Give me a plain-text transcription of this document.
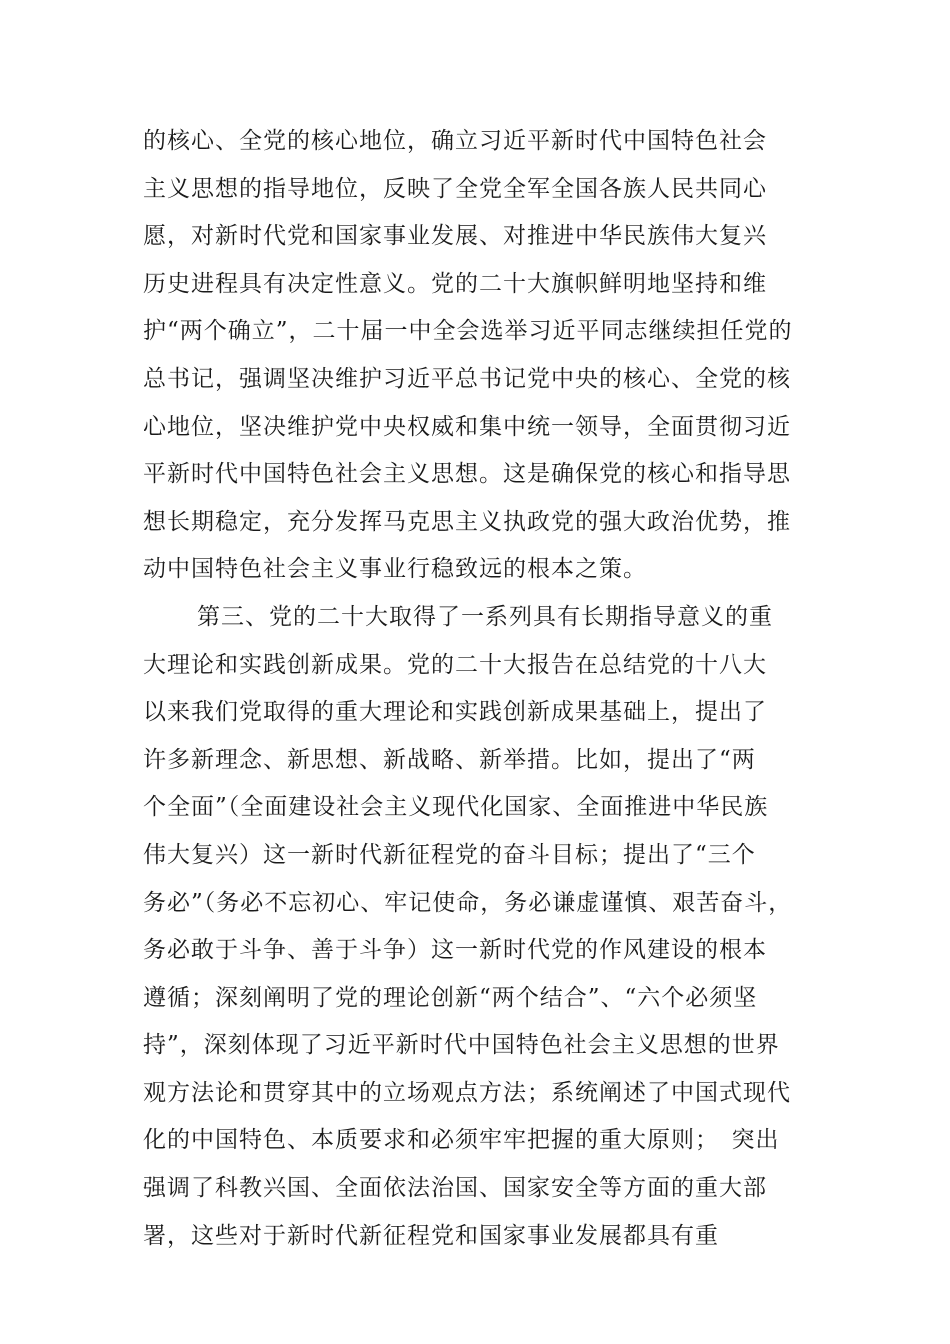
的核心、全党的核心地位，确立习近平新时代中国特色社会
主义思想的指导地位，反映了全党全军全国各族人民共同心
愿，对新时代党和国家事业发展、对推进中华民族伟大复兴
历史进程具有决定性意义。党的二十大旗帜鲜明地坚持和维
护“两个确立”，二十届一中全会选举习近平同志继续担任党的
总书记，强调坚决维护习近平总书记党中央的核心、全党的核
心地位，坚决维护党中央权威和集中统一领导，全面贯彻习近
平新时代中国特色社会主义思想。这是确保党的核心和指导思
想长期稳定，充分发挥马克思主义执政党的强大政治优势，推
动中国特色社会主义事业行稳致远的根本之策。
第三、党的二十大取得了一系列具有长期指导意义的重
大理论和实践创新成果。党的二十大报告在总结党的十八大
以来我们党取得的重大理论和实践创新成果基础上，提出了
许多新理念、新思想、新战略、新举措。比如，提出了“两
个全面”（全面建设社会主义现代化国家、全面推进中华民族
伟大复兴）这一新时代新征程党的奋斗目标；提出了“三个
务必”（务必不忘初心、牢记使命，务必谦虚谨慎、艰苦奋斗，
务必敢于斗争、善于斗争）这一新时代党的作风建设的根本
遵循；深刻阐明了党的理论创新“两个结合”、“六个必须坚
持”，深刻体现了习近平新时代中国特色社会主义思想的世界
观方法论和贯穿其中的立场观点方法；系统阐述了中国式现代
化的中国特色、本质要求和必须牢牢把握的重大原则；　突出
强调了科教兴国、全面依法治国、国家安全等方面的重大部
署，这些对于新时代新征程党和国家事业发展都具有重
